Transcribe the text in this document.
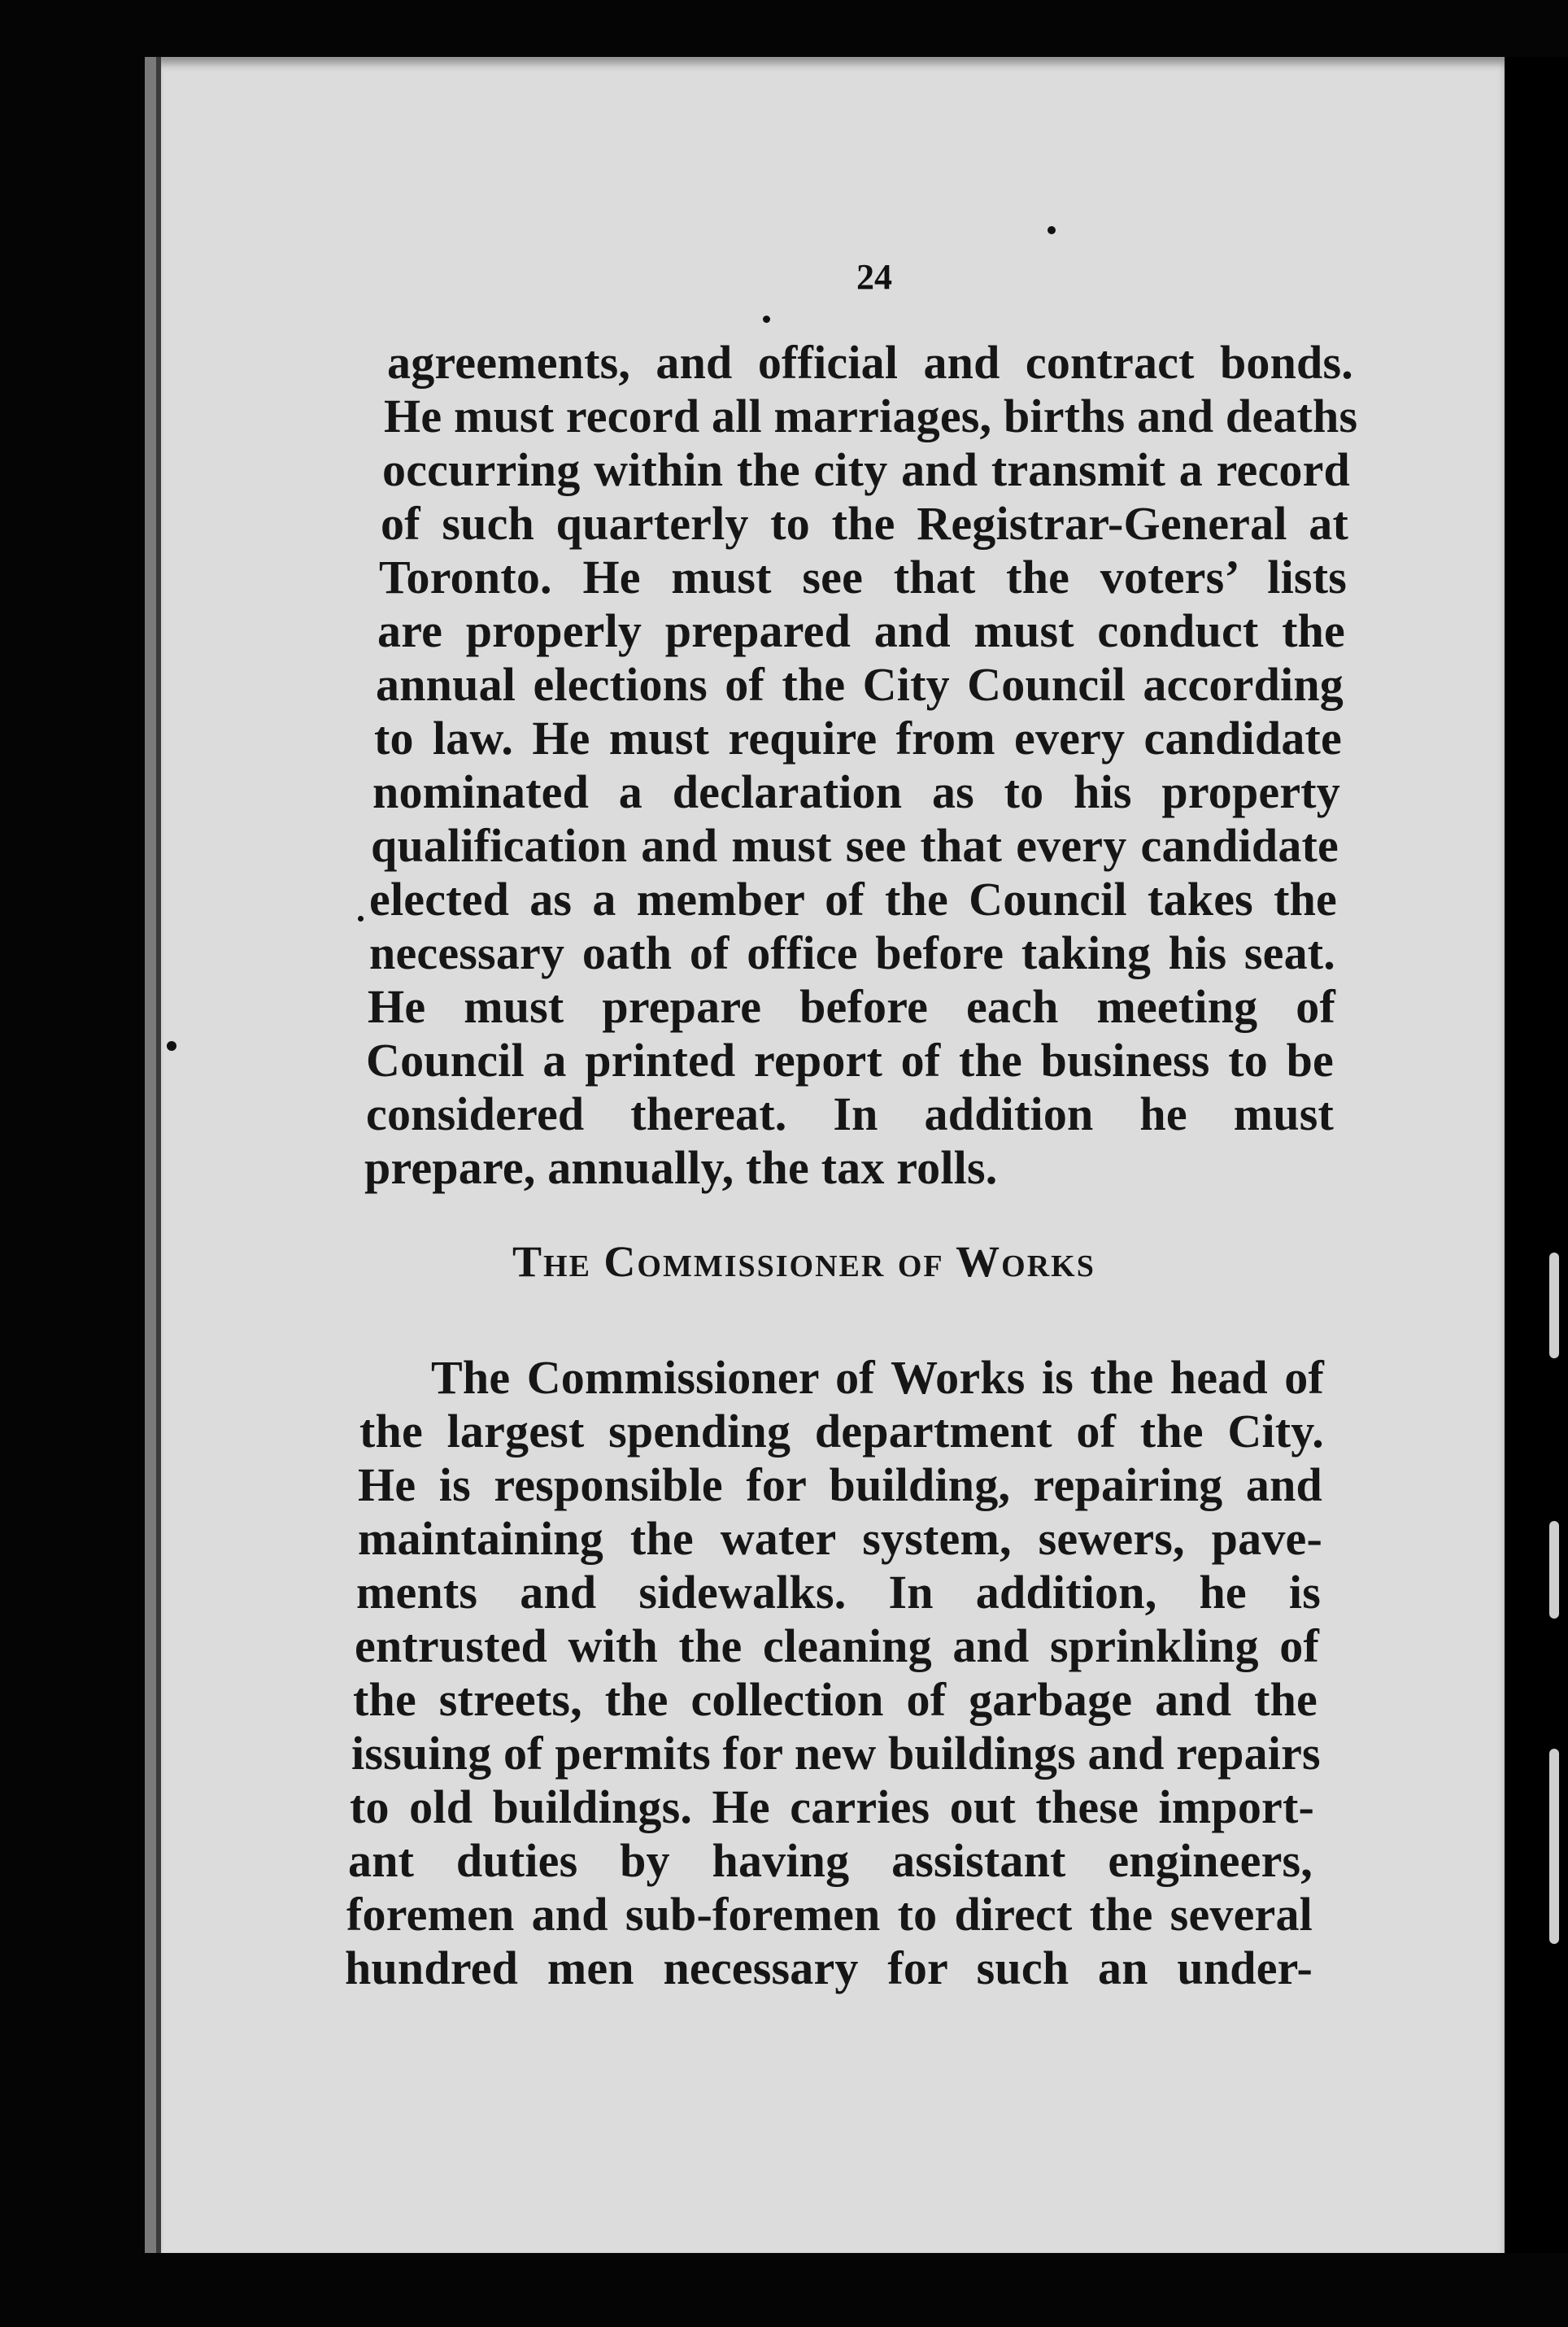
24
agreements, and official and contract bonds.
He must record all marriages, births and deaths
occurring within the city and transmit a record
of such quarterly to the Registrar-General at
Toronto. He must see that the voters’ lists
are properly prepared and must conduct the
annual elections of the City Council according
to law. He must require from every candidate
nominated a declaration as to his property
qualification and must see that every candidate
elected as a member of the Council takes the
necessary oath of office before taking his seat.
He must prepare before each meeting of
Council a printed report of the business to be
considered thereat. In addition he must
prepare, annually, the tax rolls.
The Commissioner of Works
The Commissioner of Works is the head of
the largest spending department of the City.
He is responsible for building, repairing and
maintaining the water system, sewers, pave-
ments and sidewalks. In addition, he is
entrusted with the cleaning and sprinkling of
the streets, the collection of garbage and the
issuing of permits for new buildings and repairs
to old buildings. He carries out these import-
ant duties by having assistant engineers,
foremen and sub-foremen to direct the several
hundred men necessary for such an under-
